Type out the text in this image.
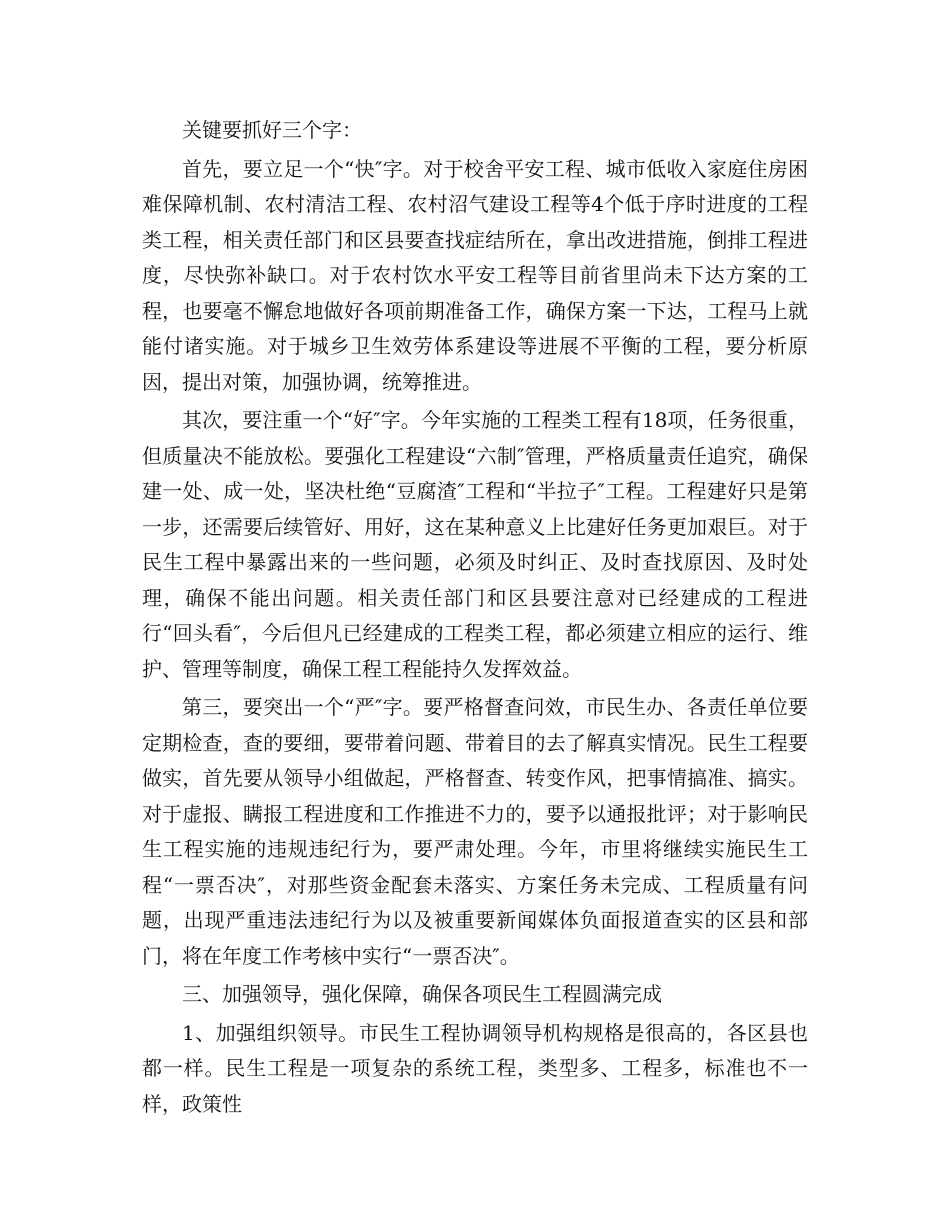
关键要抓好三个字：

首先，要立足一个“快″字。对于校舍平安工程、城市低收入家庭住房困难保障机制、农村清洁工程、农村沼气建设工程等4个低于序时进度的工程类工程，相关责任部门和区县要查找症结所在，拿出改进措施，倒排工程进度，尽快弥补缺口。对于农村饮水平安工程等目前省里尚未下达方案的工程，也要毫不懈怠地做好各项前期准备工作，确保方案一下达，工程马上就能付诸实施。对于城乡卫生效劳体系建设等进展不平衡的工程，要分析原因，提出对策，加强协调，统筹推进。

其次，要注重一个“好″字。今年实施的工程类工程有18项，任务很重，但质量决不能放松。要强化工程建设“六制″管理，严格质量责任追究，确保建一处、成一处，坚决杜绝“豆腐渣″工程和“半拉子″工程。工程建好只是第一步，还需要后续管好、用好，这在某种意义上比建好任务更加艰巨。对于民生工程中暴露出来的一些问题，必须及时纠正、及时查找原因、及时处理，确保不能出问题。相关责任部门和区县要注意对已经建成的工程进行“回头看″，今后但凡已经建成的工程类工程，都必须建立相应的运行、维护、管理等制度，确保工程工程能持久发挥效益。

第三，要突出一个“严″字。要严格督查问效，市民生办、各责任单位要定期检查，查的要细，要带着问题、带着目的去了解真实情况。民生工程要做实，首先要从领导小组做起，严格督查、转变作风，把事情搞准、搞实。对于虚报、瞒报工程进度和工作推进不力的，要予以通报批评；对于影响民生工程实施的违规违纪行为，要严肃处理。今年，市里将继续实施民生工程“一票否决″，对那些资金配套未落实、方案任务未完成、工程质量有问题，出现严重违法违纪行为以及被重要新闻媒体负面报道查实的区县和部门，将在年度工作考核中实行“一票否决″。

三、加强领导，强化保障，确保各项民生工程圆满完成

1、加强组织领导。市民生工程协调领导机构规格是很高的，各区县也都一样。民生工程是一项复杂的系统工程，类型多、工程多，标准也不一样，政策性
